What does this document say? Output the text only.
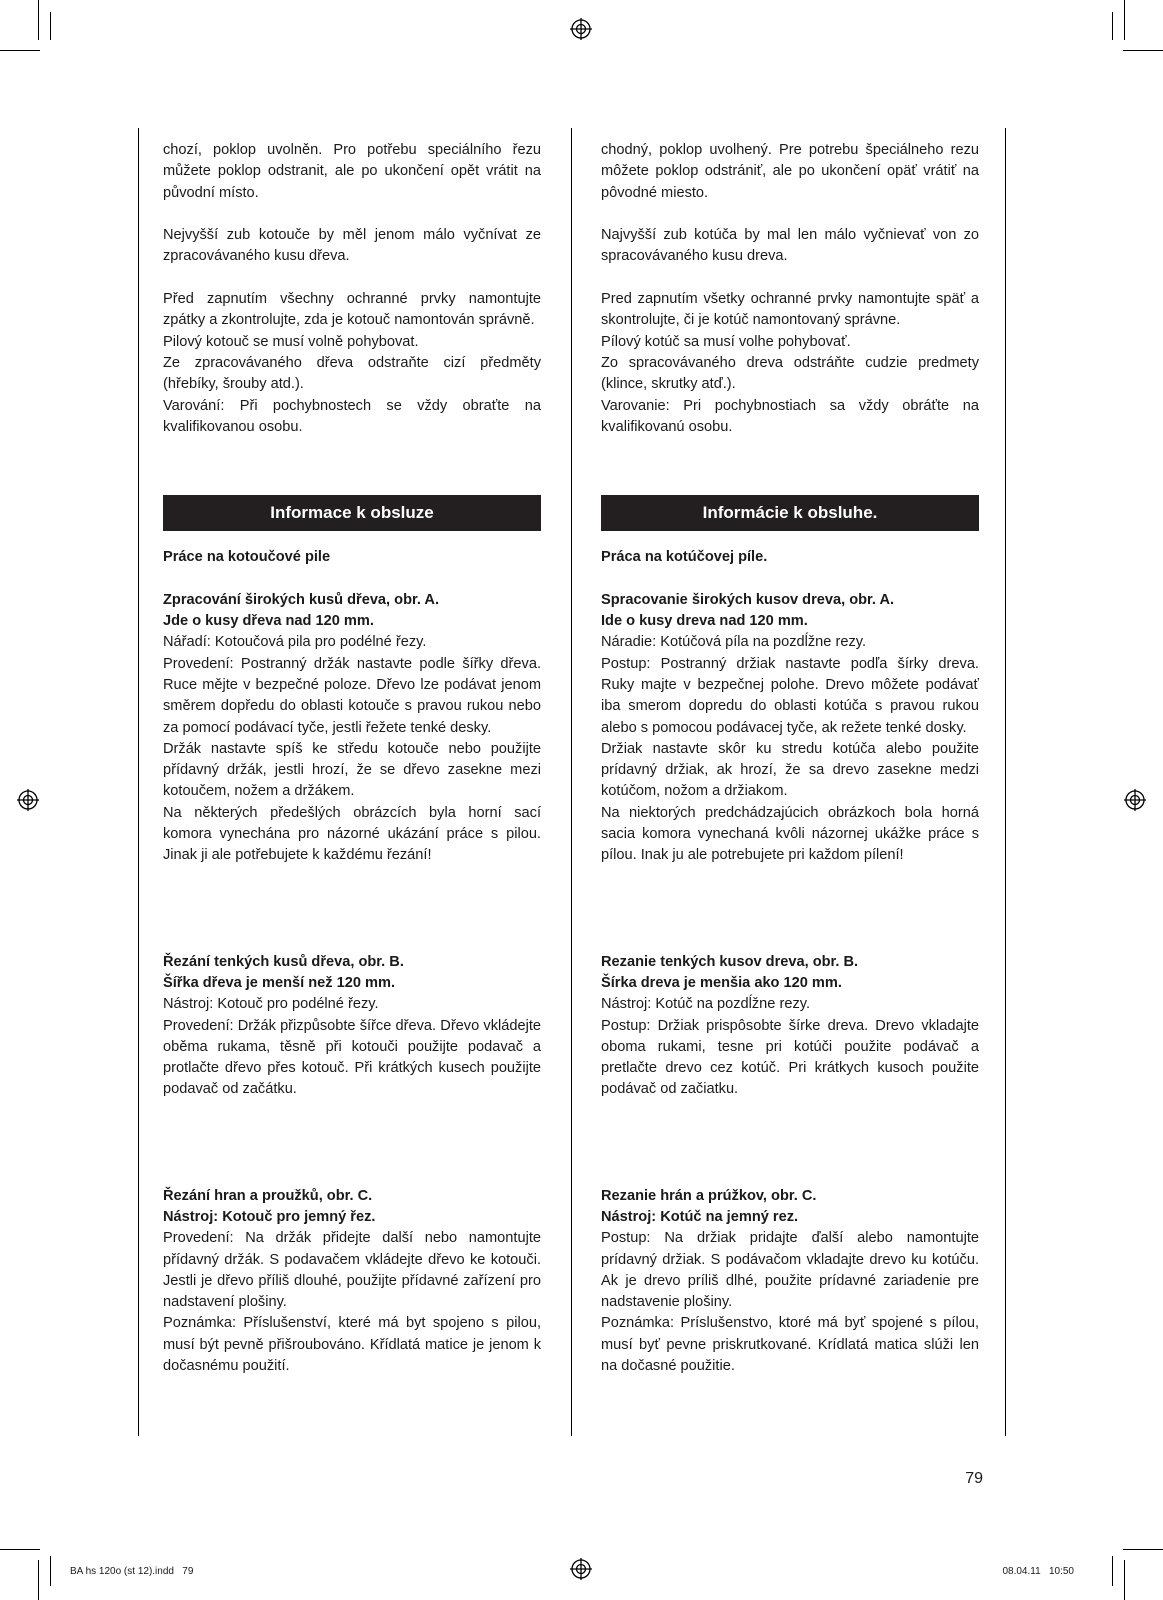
chozí, poklop uvolněn. Pro potřebu speciálního řezu můžete poklop odstranit, ale po ukončení opět vrátit na původní místo.

Nejvyšší zub kotouče by měl jenom málo vyčnívat ze zpracovávaného kusu dřeva.

Před zapnutím všechny ochranné prvky namontujte zpátky a zkontrolujte, zda je kotouč namontován správně.

Pilový kotouč se musí volně pohybovat.

Ze zpracovávaného dřeva odstraňte cizí předměty (hřebíky, šrouby atd.).

Varování: Při pochybnostech se vždy obraťte na kvalifikovanou osobu.

Informace k obsluze

Práce na kotoučové pile

Zpracování širokých kusů dřeva, obr. A.

Jde o kusy dřeva nad 120 mm.

Nářadí: Kotoučová pila pro podélné řezy.

Provedení: Postranný držák nastavte podle šířky dřeva. Ruce mějte v bezpečné poloze. Dřevo lze podávat jenom směrem dopředu do oblasti kotouče s pravou rukou nebo za pomocí podávací tyče, jestli řežete tenké desky.

Držák nastavte spíš ke středu kotouče nebo použijte přídavný držák, jestli hrozí, že se dřevo zasekne mezi kotoučem, nožem a držákem.

Na některých předešlých obrázcích byla horní sací komora vynechána pro názorné ukázání práce s pilou. Jinak ji ale potřebujete k každému řezání!

Řezání tenkých kusů dřeva, obr. B.

Šířka dřeva je menší než 120 mm.

Nástroj: Kotouč pro podélné řezy.

Provedení: Držák přizpůsobte šířce dřeva. Dřevo vkládejte oběma rukama, těsně při kotouči použijte podavač a protlačte dřevo přes kotouč. Při krátkých kusech použijte podavač od začátku.

Řezání hran a proužků, obr. C.

Nástroj: Kotouč pro jemný řez.

Provedení: Na držák přidejte další nebo namontujte přídavný držák. S podavačem vkládejte dřevo ke kotouči. Jestli je dřevo příliš dlouhé, použijte přídavné zařízení pro nadstavení plošiny.

Poznámka: Příslušenství, které má byt spojeno s pilou, musí být pevně přišroubováno. Křídlatá matice je jenom k dočasnému použití.

chodný, poklop uvolhený. Pre potrebu špeciálneho rezu môžete poklop odstrániť, ale po ukončení opäť vrátiť na pôvodné miesto.

Najvyšší zub kotúča by mal len málo vyčnievať von zo spracovávaného kusu dreva.

Pred zapnutím všetky ochranné prvky namontujte späť a skontrolujte, či je kotúč namontovaný správne.

Pílový kotúč sa musí volhe pohybovať.

Zo spracovávaného dreva odstráňte cudzie predmety (klince, skrutky atď.).

Varovanie: Pri pochybnostiach sa vždy obráťte na kvalifikovanú osobu.

Informácie k obsluhe.

Práca na kotúčovej píle.

Spracovanie širokých kusov dreva, obr. A.

Ide o kusy dreva nad 120 mm.

Náradie: Kotúčová píla na pozdĺžne rezy.

Postup: Postranný držiak nastavte podľa šírky dreva. Ruky majte v bezpečnej polohe. Drevo môžete podávať iba smerom dopredu do oblasti kotúča s pravou rukou alebo s pomocou podávacej tyče, ak režete tenké dosky.

Držiak nastavte skôr ku stredu kotúča alebo použite prídavný držiak, ak hrozí, že sa drevo zasekne medzi kotúčom, nožom a držiakom.

Na niektorých predchádzajúcich obrázkoch bola horná sacia komora vynechaná kvôli názornej ukážke práce s pílou. Inak ju ale potrebujete pri každom pílení!

Rezanie tenkých kusov dreva, obr. B.

Šírka dreva je menšia ako 120 mm.

Nástroj: Kotúč na pozdĺžne rezy.

Postup: Držiak prispôsobte šírke dreva. Drevo vkladajte oboma rukami, tesne pri kotúči použite podávač a pretlačte drevo cez kotúč. Pri krátkych kusoch použite podávač od začiatku.

Rezanie hrán a prúžkov, obr. C.

Nástroj: Kotúč na jemný rez.

Postup: Na držiak pridajte ďalší alebo namontujte prídavný držiak. S podávačom vkladajte drevo ku kotúču. Ak je drevo príliš dlhé, použite prídavné zariadenie pre nadstavenie plošiny.

Poznámka: Príslušenstvo, ktoré má byť spojené s pílou, musí byť pevne priskrutkované. Krídlatá matica slúži len na dočasné použitie.

79
BA hs 120o (st 12).indd   79	08.04.11   10:50
